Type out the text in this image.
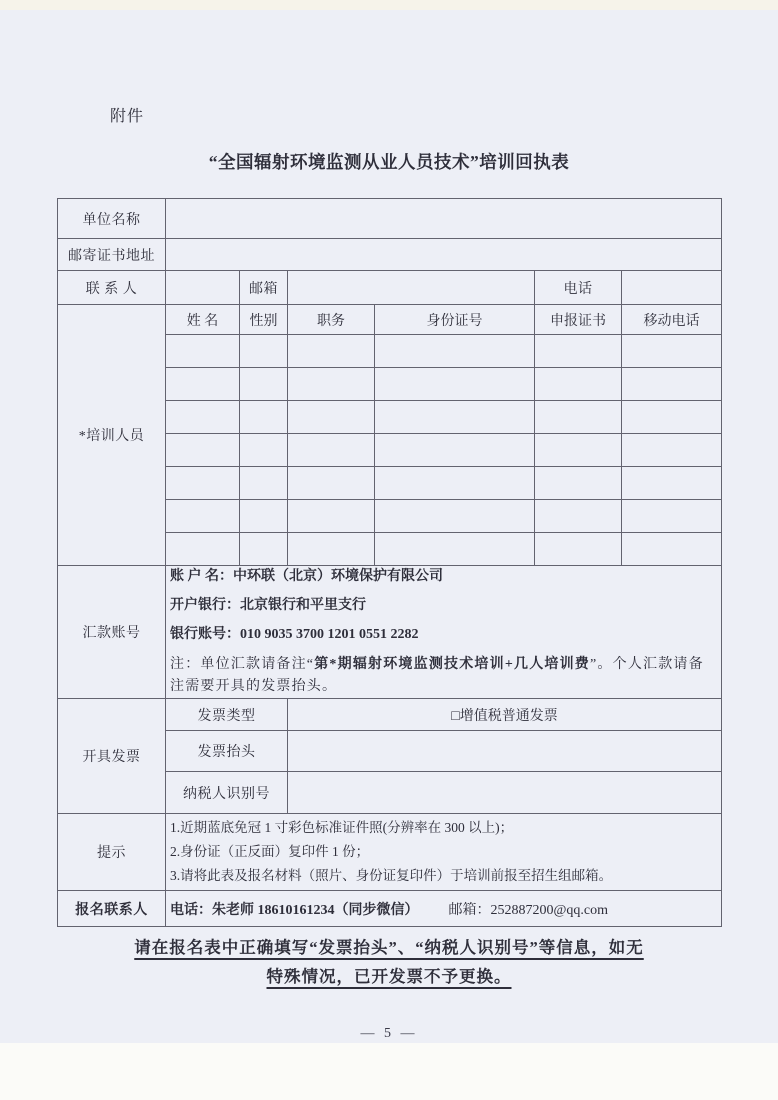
附件
“全国辐射环境监测从业人员技术”培训回执表
单位名称						
邮寄证书地址						
联 系 人		邮箱			电话	
*培训人员	姓 名	性别	职务	身份证号	申报证书	移动电话

汇款账号	账 户 名：中环联（北京）环境保护有限公司

开户银行：北京银行和平里支行

银行账号：010 9035 3700 1201 0551 2282

注：单位汇款请备注“第*期辐射环境监测技术培训+几人培训费”。个人汇款请备注需要开具的发票抬头。					

开具发票	发票类型		□增值税普通发票			
	发票抬头					
	纳税人识别号					
提示	1.近期蓝底免冠 1 寸彩色标准证件照(分辨率在 300 以上)；
2.身份证（正反面）复印件 1 份；
3.请将此表及报名材料（照片、身份证复印件）于培训前报至招生组邮箱。					

报名联系人	电话：朱老师 18610161234（同步微信） 邮箱：252887200@qq.com					
请在报名表中正确填写“发票抬头”、“纳税人识别号”等信息，如无
特殊情况，已开发票不予更换。
— 5 —
